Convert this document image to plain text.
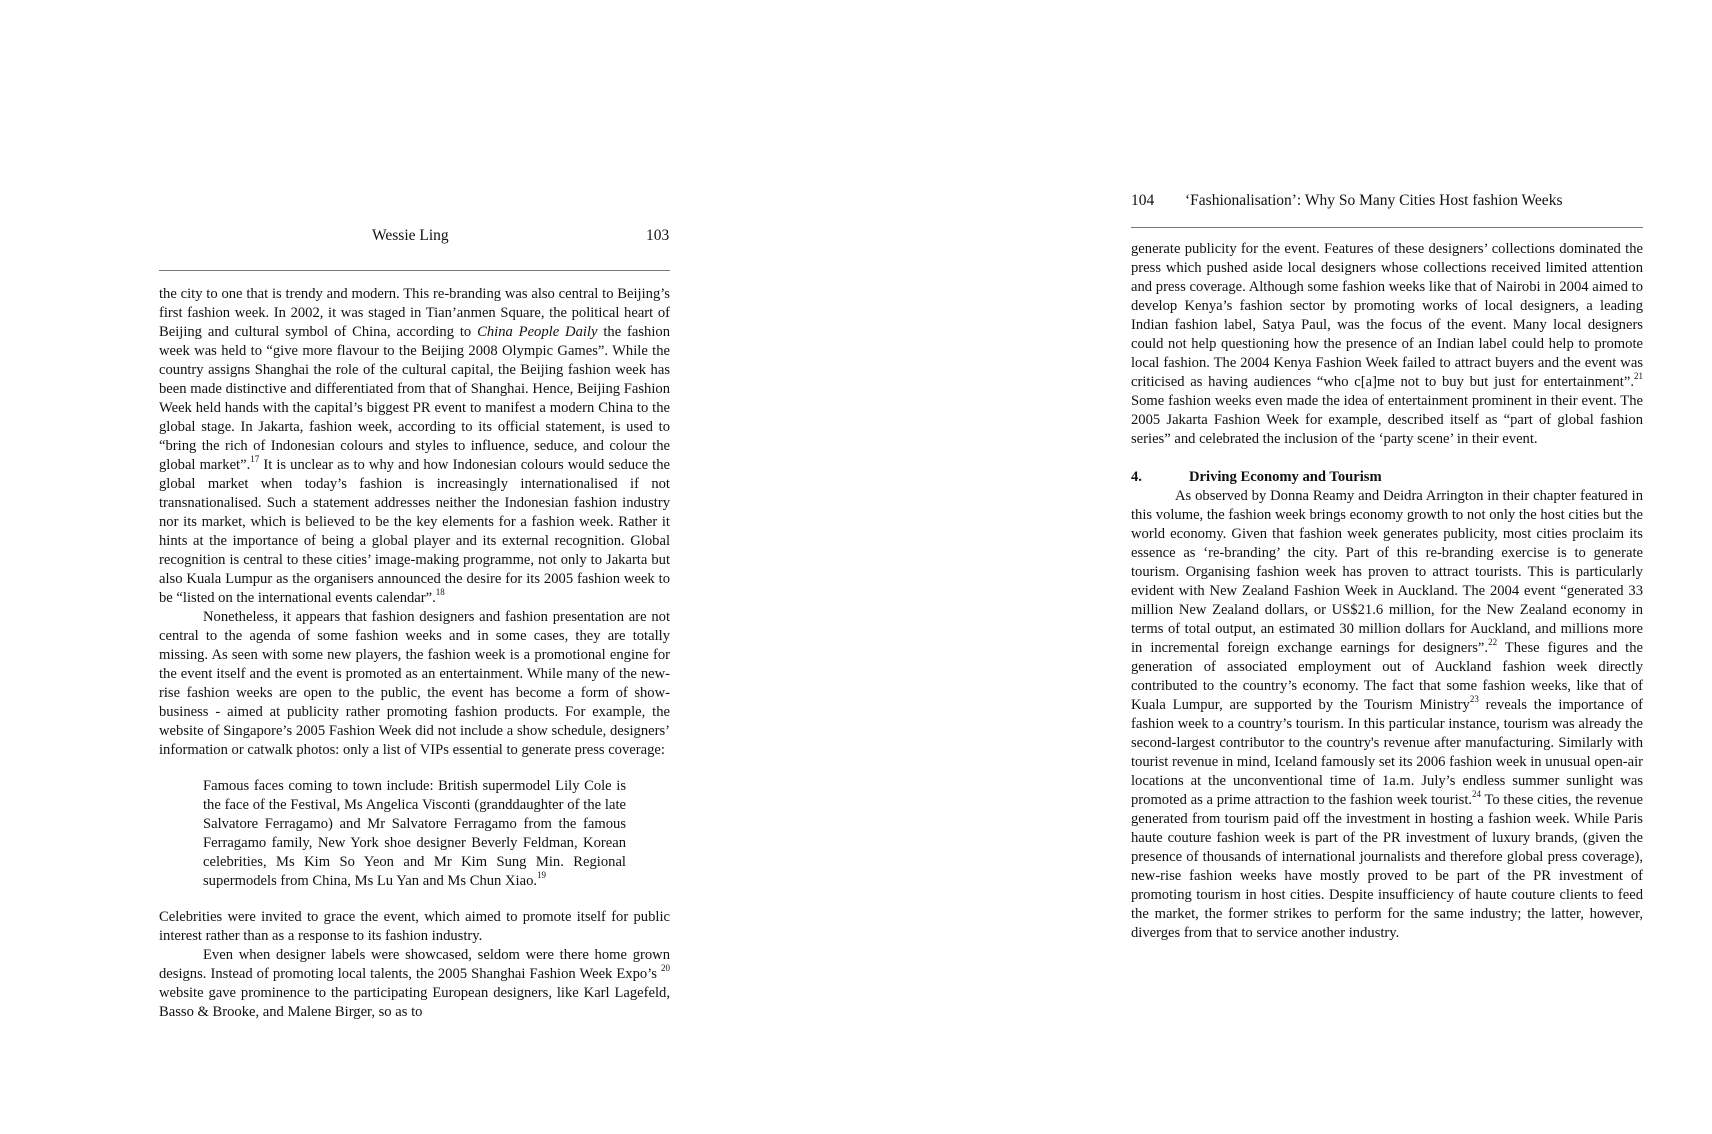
Wessie Ling	103

the city to one that is trendy and modern. This re-branding was also central to Beijing’s first fashion week. In 2002, it was staged in Tian’anmen Square, the political heart of Beijing and cultural symbol of China, according to China People Daily the fashion week was held to “give more flavour to the Beijing 2008 Olympic Games”. While the country assigns Shanghai the role of the cultural capital, the Beijing fashion week has been made distinctive and differentiated from that of Shanghai. Hence, Beijing Fashion Week held hands with the capital’s biggest PR event to manifest a modern China to the global stage. In Jakarta, fashion week, according to its official statement, is used to “bring the rich of Indonesian colours and styles to influence, seduce, and colour the global market”.$^{17}$ It is unclear as to why and how Indonesian colours would seduce the global market when today’s fashion is increasingly internationalised if not transnationalised. Such a statement addresses neither the Indonesian fashion industry nor its market, which is believed to be the key elements for a fashion week. Rather it hints at the importance of being a global player and its external recognition. Global recognition is central to these cities’ image-making programme, not only to Jakarta but also Kuala Lumpur as the organisers announced the desire for its 2005 fashion week to be “listed on the international events calendar”.$^{18}$

Nonetheless, it appears that fashion designers and fashion presentation are not central to the agenda of some fashion weeks and in some cases, they are totally missing. As seen with some new players, the fashion week is a promotional engine for the event itself and the event is promoted as an entertainment. While many of the new-rise fashion weeks are open to the public, the event has become a form of show-business - aimed at publicity rather promoting fashion products. For example, the website of Singapore’s 2005 Fashion Week did not include a show schedule, designers’ information or catwalk photos: only a list of VIPs essential to generate press coverage:

Famous faces coming to town include: British supermodel Lily Cole is the face of the Festival, Ms Angelica Visconti (granddaughter of the late Salvatore Ferragamo) and Mr Salvatore Ferragamo from the famous Ferragamo family, New York shoe designer Beverly Feldman, Korean celebrities, Ms Kim So Yeon and Mr Kim Sung Min. Regional supermodels from China, Ms Lu Yan and Ms Chun Xiao.$^{19}$

Celebrities were invited to grace the event, which aimed to promote itself for public interest rather than as a response to its fashion industry.

Even when designer labels were showcased, seldom were there home grown designs. Instead of promoting local talents, the 2005 Shanghai Fashion Week Expo’s $^{20}$ website gave prominence to the participating European designers, like Karl Lagefeld, Basso & Brooke, and Malene Birger, so as to

104 ‘Fashionalisation’: Why So Many Cities Host fashion Weeks

generate publicity for the event. Features of these designers’ collections dominated the press which pushed aside local designers whose collections received limited attention and press coverage. Although some fashion weeks like that of Nairobi in 2004 aimed to develop Kenya’s fashion sector by promoting works of local designers, a leading Indian fashion label, Satya Paul, was the focus of the event. Many local designers could not help questioning how the presence of an Indian label could help to promote local fashion. The 2004 Kenya Fashion Week failed to attract buyers and the event was criticised as having audiences “who c[a]me not to buy but just for entertainment”.$^{21}$ Some fashion weeks even made the idea of entertainment prominent in their event. The 2005 Jakarta Fashion Week for example, described itself as “part of global fashion series” and celebrated the inclusion of the ‘party scene’ in their event.

4.	Driving Economy and Tourism

As observed by Donna Reamy and Deidra Arrington in their chapter featured in this volume, the fashion week brings economy growth to not only the host cities but the world economy. Given that fashion week generates publicity, most cities proclaim its essence as ‘re-branding’ the city. Part of this re-branding exercise is to generate tourism. Organising fashion week has proven to attract tourists. This is particularly evident with New Zealand Fashion Week in Auckland. The 2004 event “generated 33 million New Zealand dollars, or US$21.6 million, for the New Zealand economy in terms of total output, an estimated 30 million dollars for Auckland, and millions more in incremental foreign exchange earnings for designers”.$^{22}$ These figures and the generation of associated employment out of Auckland fashion week directly contributed to the country’s economy. The fact that some fashion weeks, like that of Kuala Lumpur, are supported by the Tourism Ministry$^{23}$ reveals the importance of fashion week to a country’s tourism. In this particular instance, tourism was already the second-largest contributor to the country's revenue after manufacturing. Similarly with tourist revenue in mind, Iceland famously set its 2006 fashion week in unusual open-air locations at the unconventional time of 1a.m. July’s endless summer sunlight was promoted as a prime attraction to the fashion week tourist.$^{24}$ To these cities, the revenue generated from tourism paid off the investment in hosting a fashion week. While Paris haute couture fashion week is part of the PR investment of luxury brands, (given the presence of thousands of international journalists and therefore global press coverage), new-rise fashion weeks have mostly proved to be part of the PR investment of promoting tourism in host cities. Despite insufficiency of haute couture clients to feed the market, the former strikes to perform for the same industry; the latter, however, diverges from that to service another industry.
